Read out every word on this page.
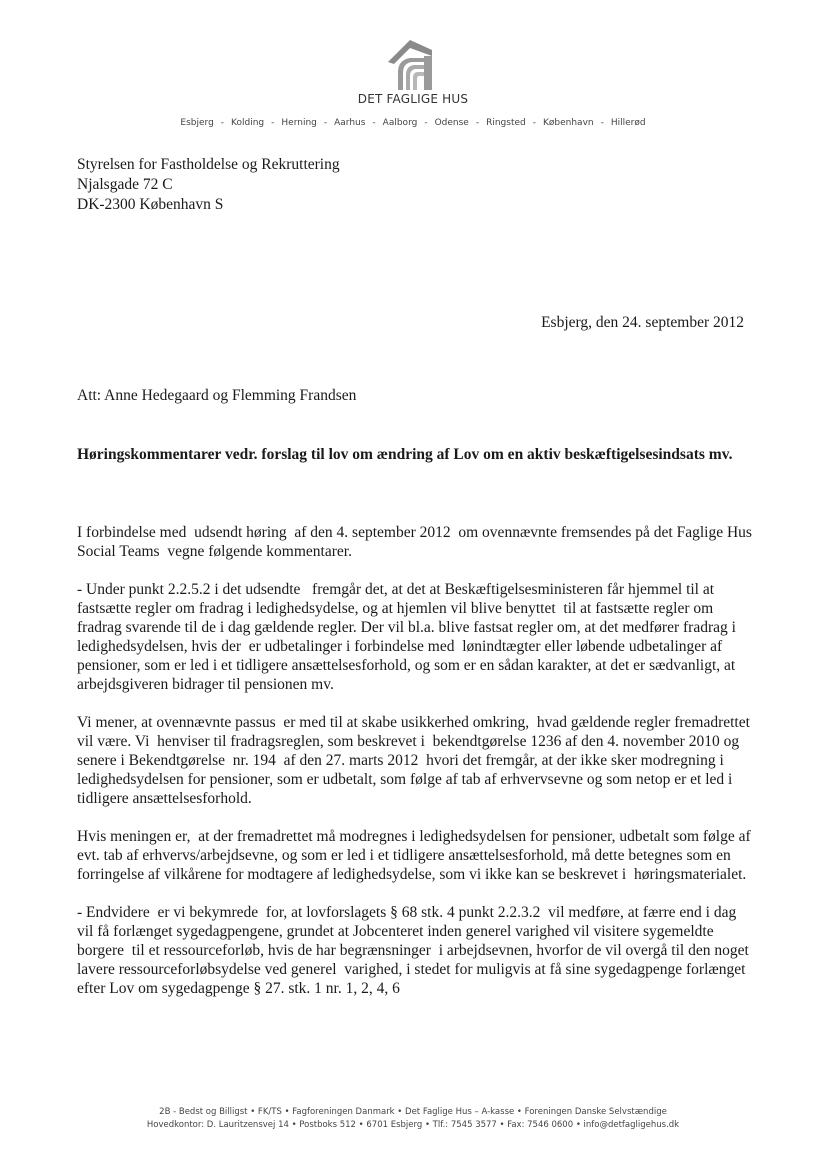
DET FAGLIGE HUS
Esbjerg - Kolding - Herning - Aarhus - Aalborg - Odense - Ringsted - København - Hillerød
Styrelsen for Fastholdelse og Rekruttering
Njalsgade 72 C
DK-2300 København S
Esbjerg, den 24. september 2012
Att: Anne Hedegaard og Flemming Frandsen
Høringskommentarer vedr. forslag til lov om ændring af Lov om en aktiv beskæftigelsesindsats mv.

I forbindelse med  udsendt høring  af den 4. september 2012  om ovennævnte fremsendes på det Faglige Hus Social Teams  vegne følgende kommentarer.

- Under punkt 2.2.5.2 i det udsendte   fremgår det, at det at Beskæftigelsesministeren får hjemmel til at fastsætte regler om fradrag i ledighedsydelse, og at hjemlen vil blive benyttet  til at fastsætte regler om fradrag svarende til de i dag gældende regler. Der vil bl.a. blive fastsat regler om, at det medfører fradrag i ledighedsydelsen, hvis der  er udbetalinger i forbindelse med  lønindtægter eller løbende udbetalinger af pensioner, som er led i et tidligere ansættelsesforhold, og som er en sådan karakter, at det er sædvanligt, at arbejdsgiveren bidrager til pensionen mv.

Vi mener, at ovennævnte passus  er med til at skabe usikkerhed omkring,  hvad gældende regler fremadrettet vil være. Vi  henviser til fradragsreglen, som beskrevet i  bekendtgørelse 1236 af den 4. november 2010 og senere i Bekendtgørelse  nr. 194  af den 27. marts 2012  hvori det fremgår, at der ikke sker modregning i ledighedsydelsen for pensioner, som er udbetalt, som følge af tab af erhvervsevne og som netop er et led i tidligere ansættelsesforhold.

Hvis meningen er,  at der fremadrettet må modregnes i ledighedsydelsen for pensioner, udbetalt som følge af  evt. tab af erhvervs/arbejdsevne, og som er led i et tidligere ansættelsesforhold, må dette betegnes som en forringelse af vilkårene for modtagere af ledighedsydelse, som vi ikke kan se beskrevet i  høringsmaterialet.

- Endvidere  er vi bekymrede  for, at lovforslagets § 68 stk. 4 punkt 2.2.3.2  vil medføre, at færre end i dag vil få forlænget sygedagpengene, grundet at Jobcenteret inden generel varighed vil visitere sygemeldte borgere  til et ressourceforløb, hvis de har begrænsninger  i arbejdsevnen, hvorfor de vil overgå til den noget lavere ressourceforløbsydelse ved generel  varighed, i stedet for muligvis at få sine sygedagpenge forlænget efter Lov om sygedagpenge § 27. stk. 1 nr. 1, 2, 4, 6

2B - Bedst og Billigst • FK/TS • Fagforeningen Danmark • Det Faglige Hus – A-kasse • Foreningen Danske Selvstændige
Hovedkontor: D. Lauritzensvej 14 • Postboks 512 • 6701 Esbjerg • Tlf.: 7545 3577 • Fax: 7546 0600 • info@detfagligehus.dk
